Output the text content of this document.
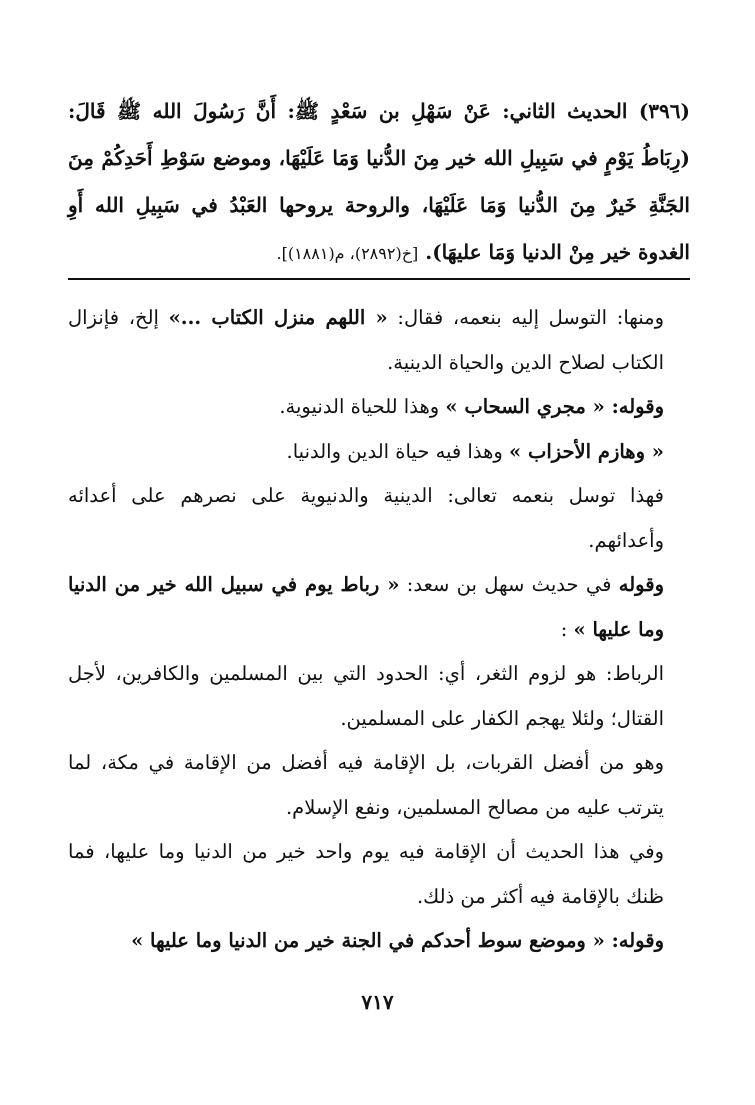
(٣٩٦) الحديث الثاني: عَنْ سَهْلِ بن سَعْدٍ ﷺ: أَنَّ رَسُولَ الله ﷺ قَالَ: (رِبَاطُ يَوْمٍ في سَبِيلِ الله خير مِنَ الدُّنيا وَمَا عَلَيْهَا، وموضع سَوْطِ أَحَدِكُمْ مِنَ الجَنَّةِ خَيرٌ مِنَ الدُّنيا وَمَا عَلَيْهَا، والروحة يروحها العَبْدُ في سَبِيلِ الله أَوِ الغدوة خير مِنْ الدنيا وَمَا عليهَا). [خ(٢٨٩٢)، م(١٨٨١)].

ومنها: التوسل إليه بنعمه، فقال: « اللهم منزل الكتاب ...» إلخ، فإنزال الكتاب لصلاح الدين والحياة الدينية.

وقوله: « مجري السحاب » وهذا للحياة الدنيوية.

« وهازم الأحزاب » وهذا فيه حياة الدين والدنيا.

فهذا توسل بنعمه تعالى: الدينية والدنيوية على نصرهم على أعدائه وأعدائهم.

وقوله في حديث سهل بن سعد: « رباط يوم في سبيل الله خير من الدنيا وما عليها » :

الرباط: هو لزوم الثغر، أي: الحدود التي بين المسلمين والكافرين، لأجل القتال؛ ولئلا يهجم الكفار على المسلمين.

وهو من أفضل القربات، بل الإقامة فيه أفضل من الإقامة في مكة، لما يترتب عليه من مصالح المسلمين، ونفع الإسلام.

وفي هذا الحديث أن الإقامة فيه يوم واحد خير من الدنيا وما عليها، فما ظنك بالإقامة فيه أكثر من ذلك.

وقوله: « وموضع سوط أحدكم في الجنة خير من الدنيا وما عليها »

٧١٧
